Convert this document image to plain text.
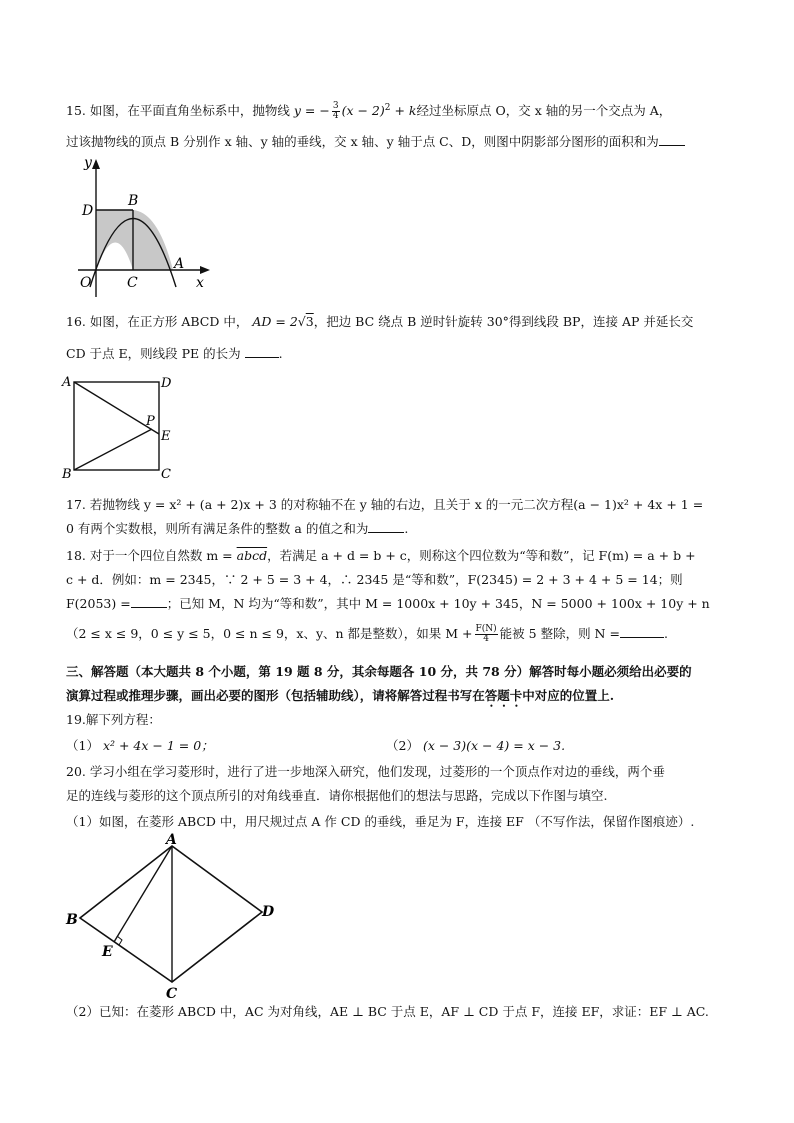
15. 如图，在平面直角坐标系中，抛物线 y = − $\frac{3}{4} (x - 2)^2 + k$经过坐标原点 O，交 x 轴的另一个交点为 A，
过该抛物线的顶点 B 分别作 x 轴、y 轴的垂线，交 x 轴、y 轴于点 C、D，则图中阴影部分图形的面积和为
y
D
B
O	C
A
x
16. 如图，在正方形 ABCD 中， AD = 2√3，把边 BC 绕点 B 逆时针旋转 30°得到线段 BP，连接 AP 并延长交
CD 于点 E，则线段 PE 的长为	.
A	D
P
E
B	C
17. 若抛物线 y = x² + (a + 2)x + 3 的对称轴不在 y 轴的右边，且关于 x 的一元二次方程(a − 1)x² + 4x + 1 =
0 有两个实数根，则所有满足条件的整数 a 的值之和为	.
18. 对于一个四位自然数 m = abcd，若满足 a + d = b + c，则称这个四位数为“等和数”，记 F(m) = a + b +
c + d．例如：m = 2345，∵ 2 + 5 = 3 + 4，∴ 2345 是“等和数”，F(2345) = 2 + 3 + 4 + 5 = 14；则
F(2053) =	；已知 M，N 均为“等和数”，其中 M = 1000x + 10y + 345，N = 5000 + 100x + 10y + n
（2 ≤ x ≤ 9，0 ≤ y ≤ 5，0 ≤ n ≤ 9，x、y、n 都是整数），如果 $M + \frac{F(N)}{4}$ 能被 5 整除，则 N =	.
三、解答题（本大题共 8 个小题，第 19 题 8 分，其余每题各 10 分，共 78 分）解答时每小题必须给出必要的
演算过程或推理步骤，画出必要的图形（包括辅助线），请将解答过程书写在答题卡中对应的位置上.
19.解下列方程：
（1） x² + 4x − 1 = 0；	（2） (x − 3)(x − 4) = x − 3.
20. 学习小组在学习菱形时，进行了进一步地深入研究，他们发现，过菱形的一个顶点作对边的垂线，两个垂
足的连线与菱形的这个顶点所引的对角线垂直．请你根据他们的想法与思路，完成以下作图与填空.
（1）如图，在菱形 ABCD 中，用尺规过点 A 作 CD 的垂线，垂足为 F，连接 EF （不写作法，保留作图痕迹）.
A
B
E
D
C
（2）已知：在菱形 ABCD 中，AC 为对角线，AE ⊥ BC 于点 E，AF ⊥ CD 于点 F，连接 EF，求证：EF ⊥ AC.
